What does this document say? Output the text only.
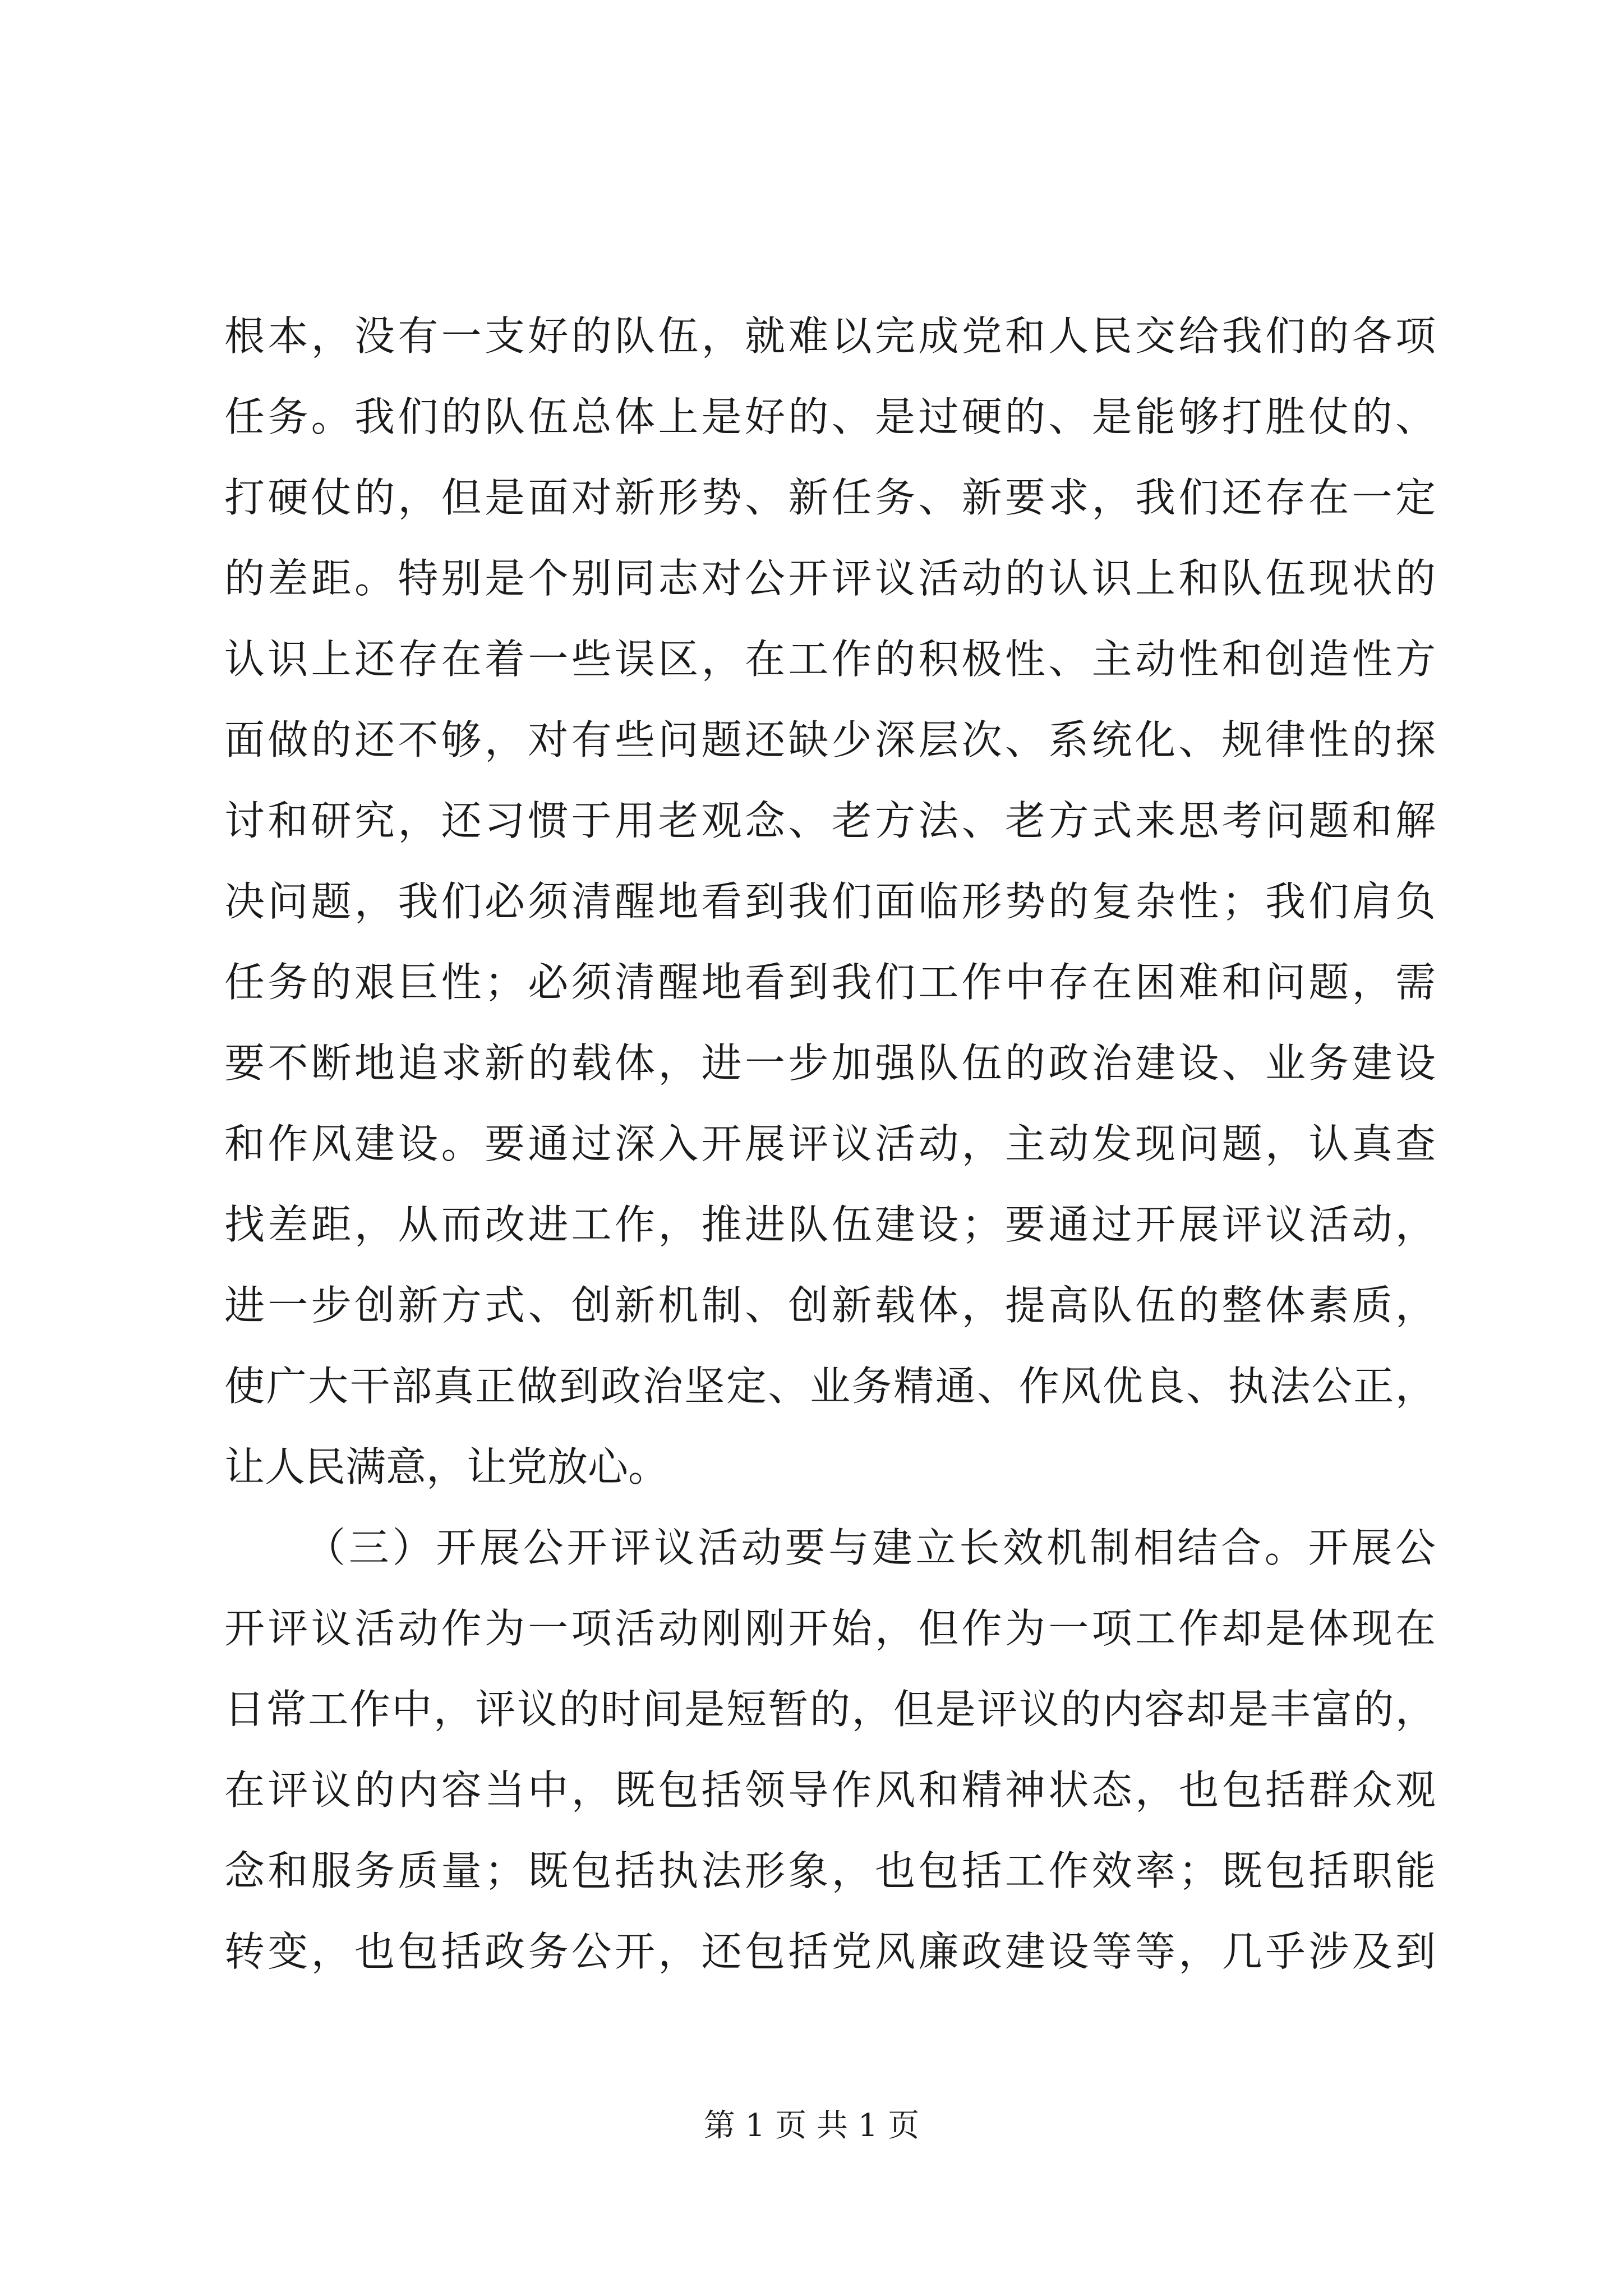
根本，没有一支好的队伍，就难以完成党和人民交给我们的各项
任务。我们的队伍总体上是好的、是过硬的、是能够打胜仗的、
打硬仗的，但是面对新形势、新任务、新要求，我们还存在一定
的差距。特别是个别同志对公开评议活动的认识上和队伍现状的
认识上还存在着一些误区，在工作的积极性、主动性和创造性方
面做的还不够，对有些问题还缺少深层次、系统化、规律性的探
讨和研究，还习惯于用老观念、老方法、老方式来思考问题和解
决问题，我们必须清醒地看到我们面临形势的复杂性；我们肩负
任务的艰巨性；必须清醒地看到我们工作中存在困难和问题，需
要不断地追求新的载体，进一步加强队伍的政治建设、业务建设
和作风建设。要通过深入开展评议活动，主动发现问题，认真查
找差距，从而改进工作，推进队伍建设；要通过开展评议活动，
进一步创新方式、创新机制、创新载体，提高队伍的整体素质，
使广大干部真正做到政治坚定、业务精通、作风优良、执法公正，
让人民满意，让党放心。
（三）开展公开评议活动要与建立长效机制相结合。开展公
开评议活动作为一项活动刚刚开始，但作为一项工作却是体现在
日常工作中，评议的时间是短暂的，但是评议的内容却是丰富的，
在评议的内容当中，既包括领导作风和精神状态，也包括群众观
念和服务质量；既包括执法形象，也包括工作效率；既包括职能
转变，也包括政务公开，还包括党风廉政建设等等，几乎涉及到
第 1 页 共 1 页
